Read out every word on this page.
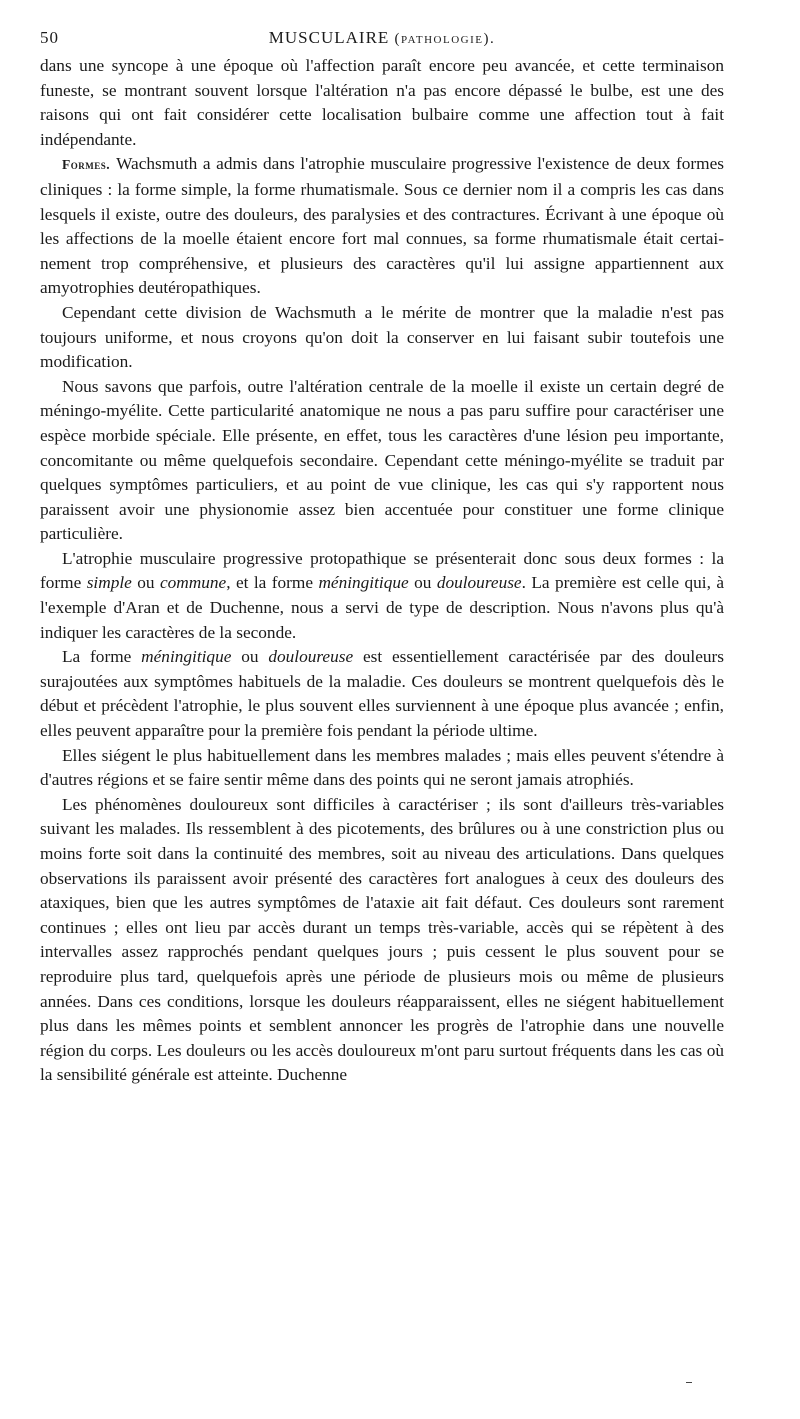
50	MUSCULAIRE (pathologie).

dans une syncope à une époque où l'affection paraît encore peu avancée, et cette terminaison funeste, se montrant souvent lorsque l'altération n'a pas encore dépassé le bulbe, est une des raisons qui ont fait considérer cette localisation bulbaire comme une affection tout à fait indépendante.

Formes. Wachsmuth a admis dans l'atrophie musculaire progressive l'existence de deux formes cliniques : la forme simple, la forme rhumatismale. Sous ce dernier nom il a compris les cas dans lesquels il existe, outre des douleurs, des paralysies et des contractures. Écrivant à une époque où les affections de la moelle étaient encore fort mal connues, sa forme rhumatismale était certainement trop compréhensive, et plusieurs des caractères qu'il lui assigne appartiennent aux amyotrophies deutéropathiques.

Cependant cette division de Wachsmuth a le mérite de montrer que la maladie n'est pas toujours uniforme, et nous croyons qu'on doit la conserver en lui faisant subir toutefois une modification.

Nous savons que parfois, outre l'altération centrale de la moelle il existe un certain degré de méningo-myélite. Cette particularité anatomique ne nous a pas paru suffire pour caractériser une espèce morbide spéciale. Elle présente, en effet, tous les caractères d'une lésion peu importante, concomitante ou même quelquefois secondaire. Cependant cette méningo-myélite se traduit par quelques symptômes particuliers, et au point de vue clinique, les cas qui s'y rapportent nous paraissent avoir une physionomie assez bien accentuée pour constituer une forme clinique particulière.

L'atrophie musculaire progressive protopathique se présenterait donc sous deux formes : la forme simple ou commune, et la forme méningitique ou douloureuse. La première est celle qui, à l'exemple d'Aran et de Duchenne, nous a servi de type de description. Nous n'avons plus qu'à indiquer les caractères de la seconde.

La forme méningitique ou douloureuse est essentiellement caractérisée par des douleurs surajoutées aux symptômes habituels de la maladie. Ces douleurs se montrent quelquefois dès le début et précèdent l'atrophie, le plus souvent elles surviennent à une époque plus avancée ; enfin, elles peuvent apparaître pour la première fois pendant la période ultime.

Elles siégent le plus habituellement dans les membres malades ; mais elles peuvent s'étendre à d'autres régions et se faire sentir même dans des points qui ne seront jamais atrophiés.

Les phénomènes douloureux sont difficiles à caractériser ; ils sont d'ailleurs très-variables suivant les malades. Ils ressemblent à des picotements, des brûlures ou à une constriction plus ou moins forte soit dans la continuité des membres, soit au niveau des articulations. Dans quelques observations ils paraissent avoir présenté des caractères fort analogues à ceux des douleurs des ataxiques, bien que les autres symptômes de l'ataxie ait fait défaut. Ces douleurs sont rarement continues ; elles ont lieu par accès durant un temps très-variable, accès qui se répètent à des intervalles assez rapprochés pendant quelques jours ; puis cessent le plus souvent pour se reproduire plus tard, quelquefois après une période de plusieurs mois ou même de plusieurs années. Dans ces conditions, lorsque les douleurs réapparaissent, elles ne siégent habituellement plus dans les mêmes points et semblent annoncer les progrès de l'atrophie dans une nouvelle région du corps. Les douleurs ou les accès douloureux m'ont paru surtout fréquents dans les cas où la sensibilité générale est atteinte. Duchenne
